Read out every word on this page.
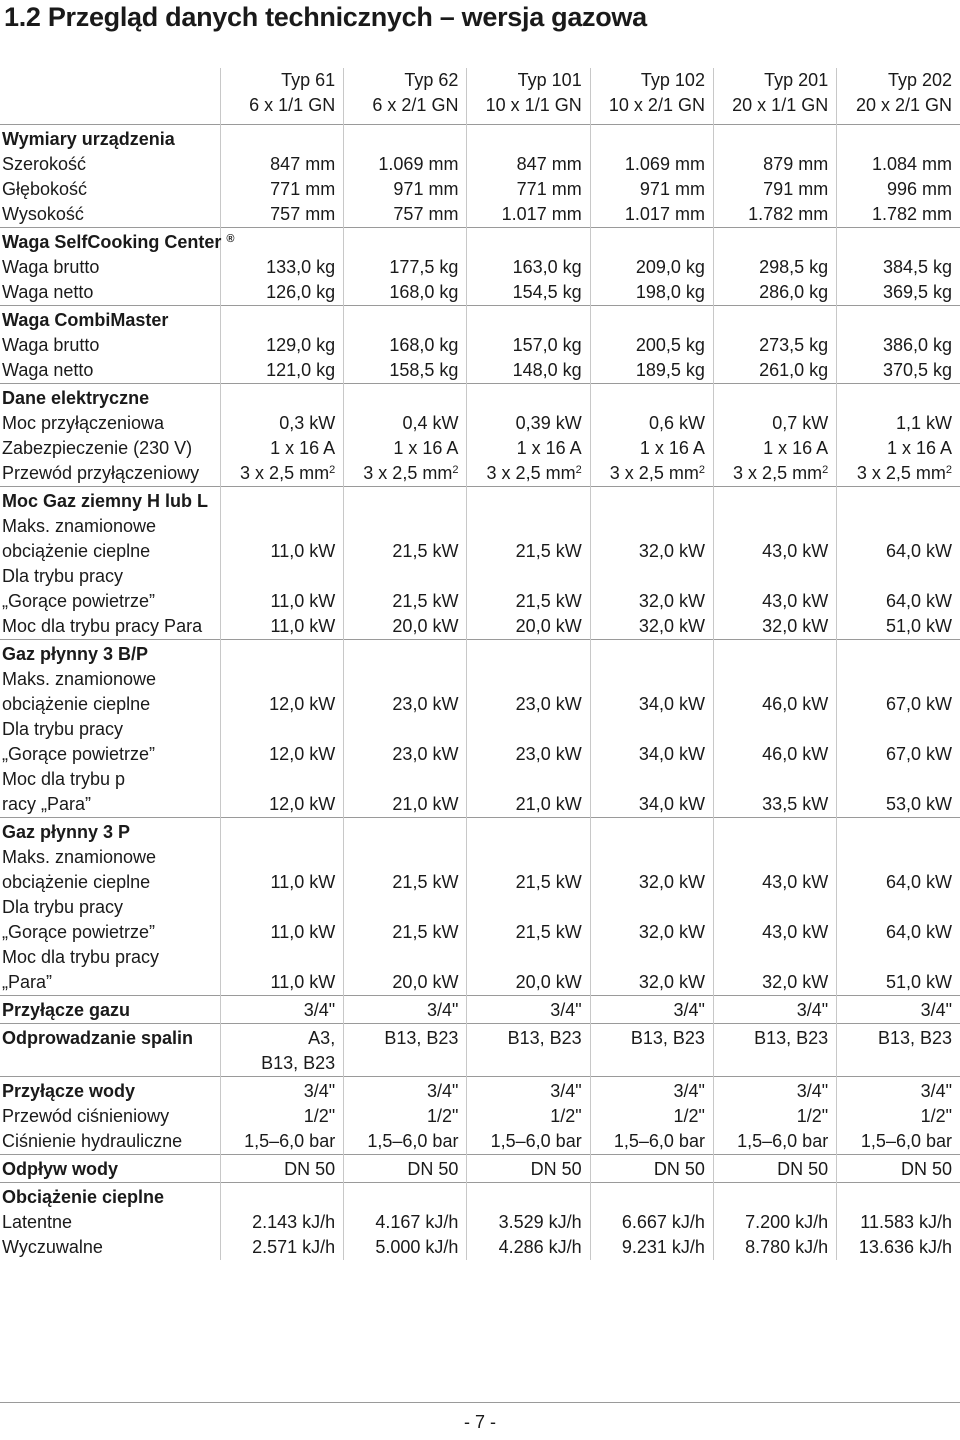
1.2 Przegląd danych technicznych – wersja gazowa
	Typ 61	Typ 62	Typ 101	Typ 102	Typ 201	Typ 202
	6 x 1/1 GN	6 x 2/1 GN	10 x 1/1 GN	10 x 2/1 GN	20 x 1/1 GN	20 x 2/1 GN
Wymiary urządzenia						
Szerokość	847 mm	1.069 mm	847 mm	1.069 mm	879 mm	1.084 mm
Głębokość	771 mm	971 mm	771 mm	971 mm	791 mm	996 mm
Wysokość	757 mm	757 mm	1.017 mm	1.017 mm	1.782 mm	1.782 mm
Waga SelfCooking Center ®						
Waga brutto	133,0 kg	177,5 kg	163,0 kg	209,0 kg	298,5 kg	384,5 kg
Waga netto	126,0 kg	168,0 kg	154,5 kg	198,0 kg	286,0 kg	369,5 kg
Waga CombiMaster						
Waga brutto	129,0 kg	168,0 kg	157,0 kg	200,5 kg	273,5 kg	386,0 kg
Waga netto	121,0 kg	158,5 kg	148,0 kg	189,5 kg	261,0 kg	370,5 kg
Dane elektryczne						
Moc przyłączeniowa	0,3 kW	0,4 kW	0,39 kW	0,6 kW	0,7 kW	1,1 kW
Zabezpieczenie (230 V)	1 x 16 A	1 x 16 A	1 x 16 A	1 x 16 A	1 x 16 A	1 x 16 A
Przewód przyłączeniowy	3 x 2,5 $mm^2$	3 x 2,5 $mm^2$	3 x 2,5 $mm^2$	3 x 2,5 $mm^2$	3 x 2,5 $mm^2$	3 x 2,5 $mm^2$
Moc Gaz ziemny H lub L						
Maks. znamionowe						
obciążenie cieplne	11,0 kW	21,5 kW	21,5 kW	32,0 kW	43,0 kW	64,0 kW
Dla trybu pracy						
„Gorące powietrze”	11,0 kW	21,5 kW	21,5 kW	32,0 kW	43,0 kW	64,0 kW
Moc dla trybu pracy Para	11,0 kW	20,0 kW	20,0 kW	32,0 kW	32,0 kW	51,0 kW
Gaz płynny 3 B/P						
Maks. znamionowe						
obciążenie cieplne	12,0 kW	23,0 kW	23,0 kW	34,0 kW	46,0 kW	67,0 kW
Dla trybu pracy						
„Gorące powietrze”	12,0 kW	23,0 kW	23,0 kW	34,0 kW	46,0 kW	67,0 kW
Moc dla trybu p						
racy „Para”	12,0 kW	21,0 kW	21,0 kW	34,0 kW	33,5 kW	53,0 kW
Gaz płynny 3 P						
Maks. znamionowe						
obciążenie cieplne	11,0 kW	21,5 kW	21,5 kW	32,0 kW	43,0 kW	64,0 kW
Dla trybu pracy						
„Gorące powietrze”	11,0 kW	21,5 kW	21,5 kW	32,0 kW	43,0 kW	64,0 kW
Moc dla trybu pracy						
„Para”	11,0 kW	20,0 kW	20,0 kW	32,0 kW	32,0 kW	51,0 kW
Przyłącze gazu	3/4"	3/4"	3/4"	3/4"	3/4"	3/4"
Odprowadzanie spalin	A3,	B13, B23	B13, B23	B13, B23	B13, B23	B13, B23
	B13, B23					
Przyłącze wody	3/4"	3/4"	3/4"	3/4"	3/4"	3/4"
Przewód ciśnieniowy	1/2"	1/2"	1/2"	1/2"	1/2"	1/2"
Ciśnienie hydrauliczne	1,5–6,0 bar	1,5–6,0 bar	1,5–6,0 bar	1,5–6,0 bar	1,5–6,0 bar	1,5–6,0 bar
Odpływ wody	DN 50	DN 50	DN 50	DN 50	DN 50	DN 50
Obciążenie cieplne						
Latentne	2.143 kJ/h	4.167 kJ/h	3.529 kJ/h	6.667 kJ/h	7.200 kJ/h	11.583 kJ/h
Wyczuwalne	2.571 kJ/h	5.000 kJ/h	4.286 kJ/h	9.231 kJ/h	8.780 kJ/h	13.636 kJ/h
- 7 -
